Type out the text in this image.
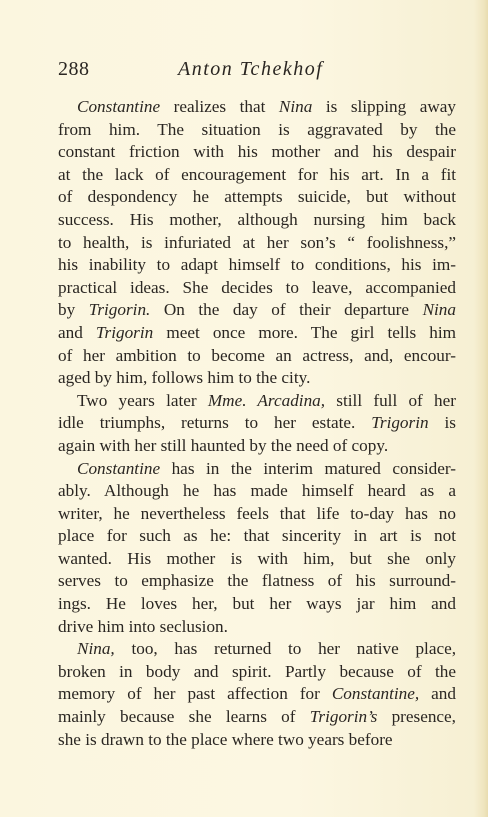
288	Anton Tchekhof
Constantine realizes that Nina is slipping away
from him. The situation is aggravated by the
constant friction with his mother and his despair
at the lack of encouragement for his art. In a fit
of despondency he attempts suicide, but without
success. His mother, although nursing him back
to health, is infuriated at her son’s “ foolishness,”
his inability to adapt himself to conditions, his im-
practical ideas. She decides to leave, accompanied
by Trigorin. On the day of their departure Nina
and Trigorin meet once more. The girl tells him
of her ambition to become an actress, and, encour-
aged by him, follows him to the city.
Two years later Mme. Arcadina, still full of her
idle triumphs, returns to her estate. Trigorin is
again with her still haunted by the need of copy.
Constantine has in the interim matured consider-
ably. Although he has made himself heard as a
writer, he nevertheless feels that life to-day has no
place for such as he: that sincerity in art is not
wanted. His mother is with him, but she only
serves to emphasize the flatness of his surround-
ings. He loves her, but her ways jar him and
drive him into seclusion.
Nina, too, has returned to her native place,
broken in body and spirit. Partly because of the
memory of her past affection for Constantine, and
mainly because she learns of Trigorin’s presence,
she is drawn to the place where two years before
